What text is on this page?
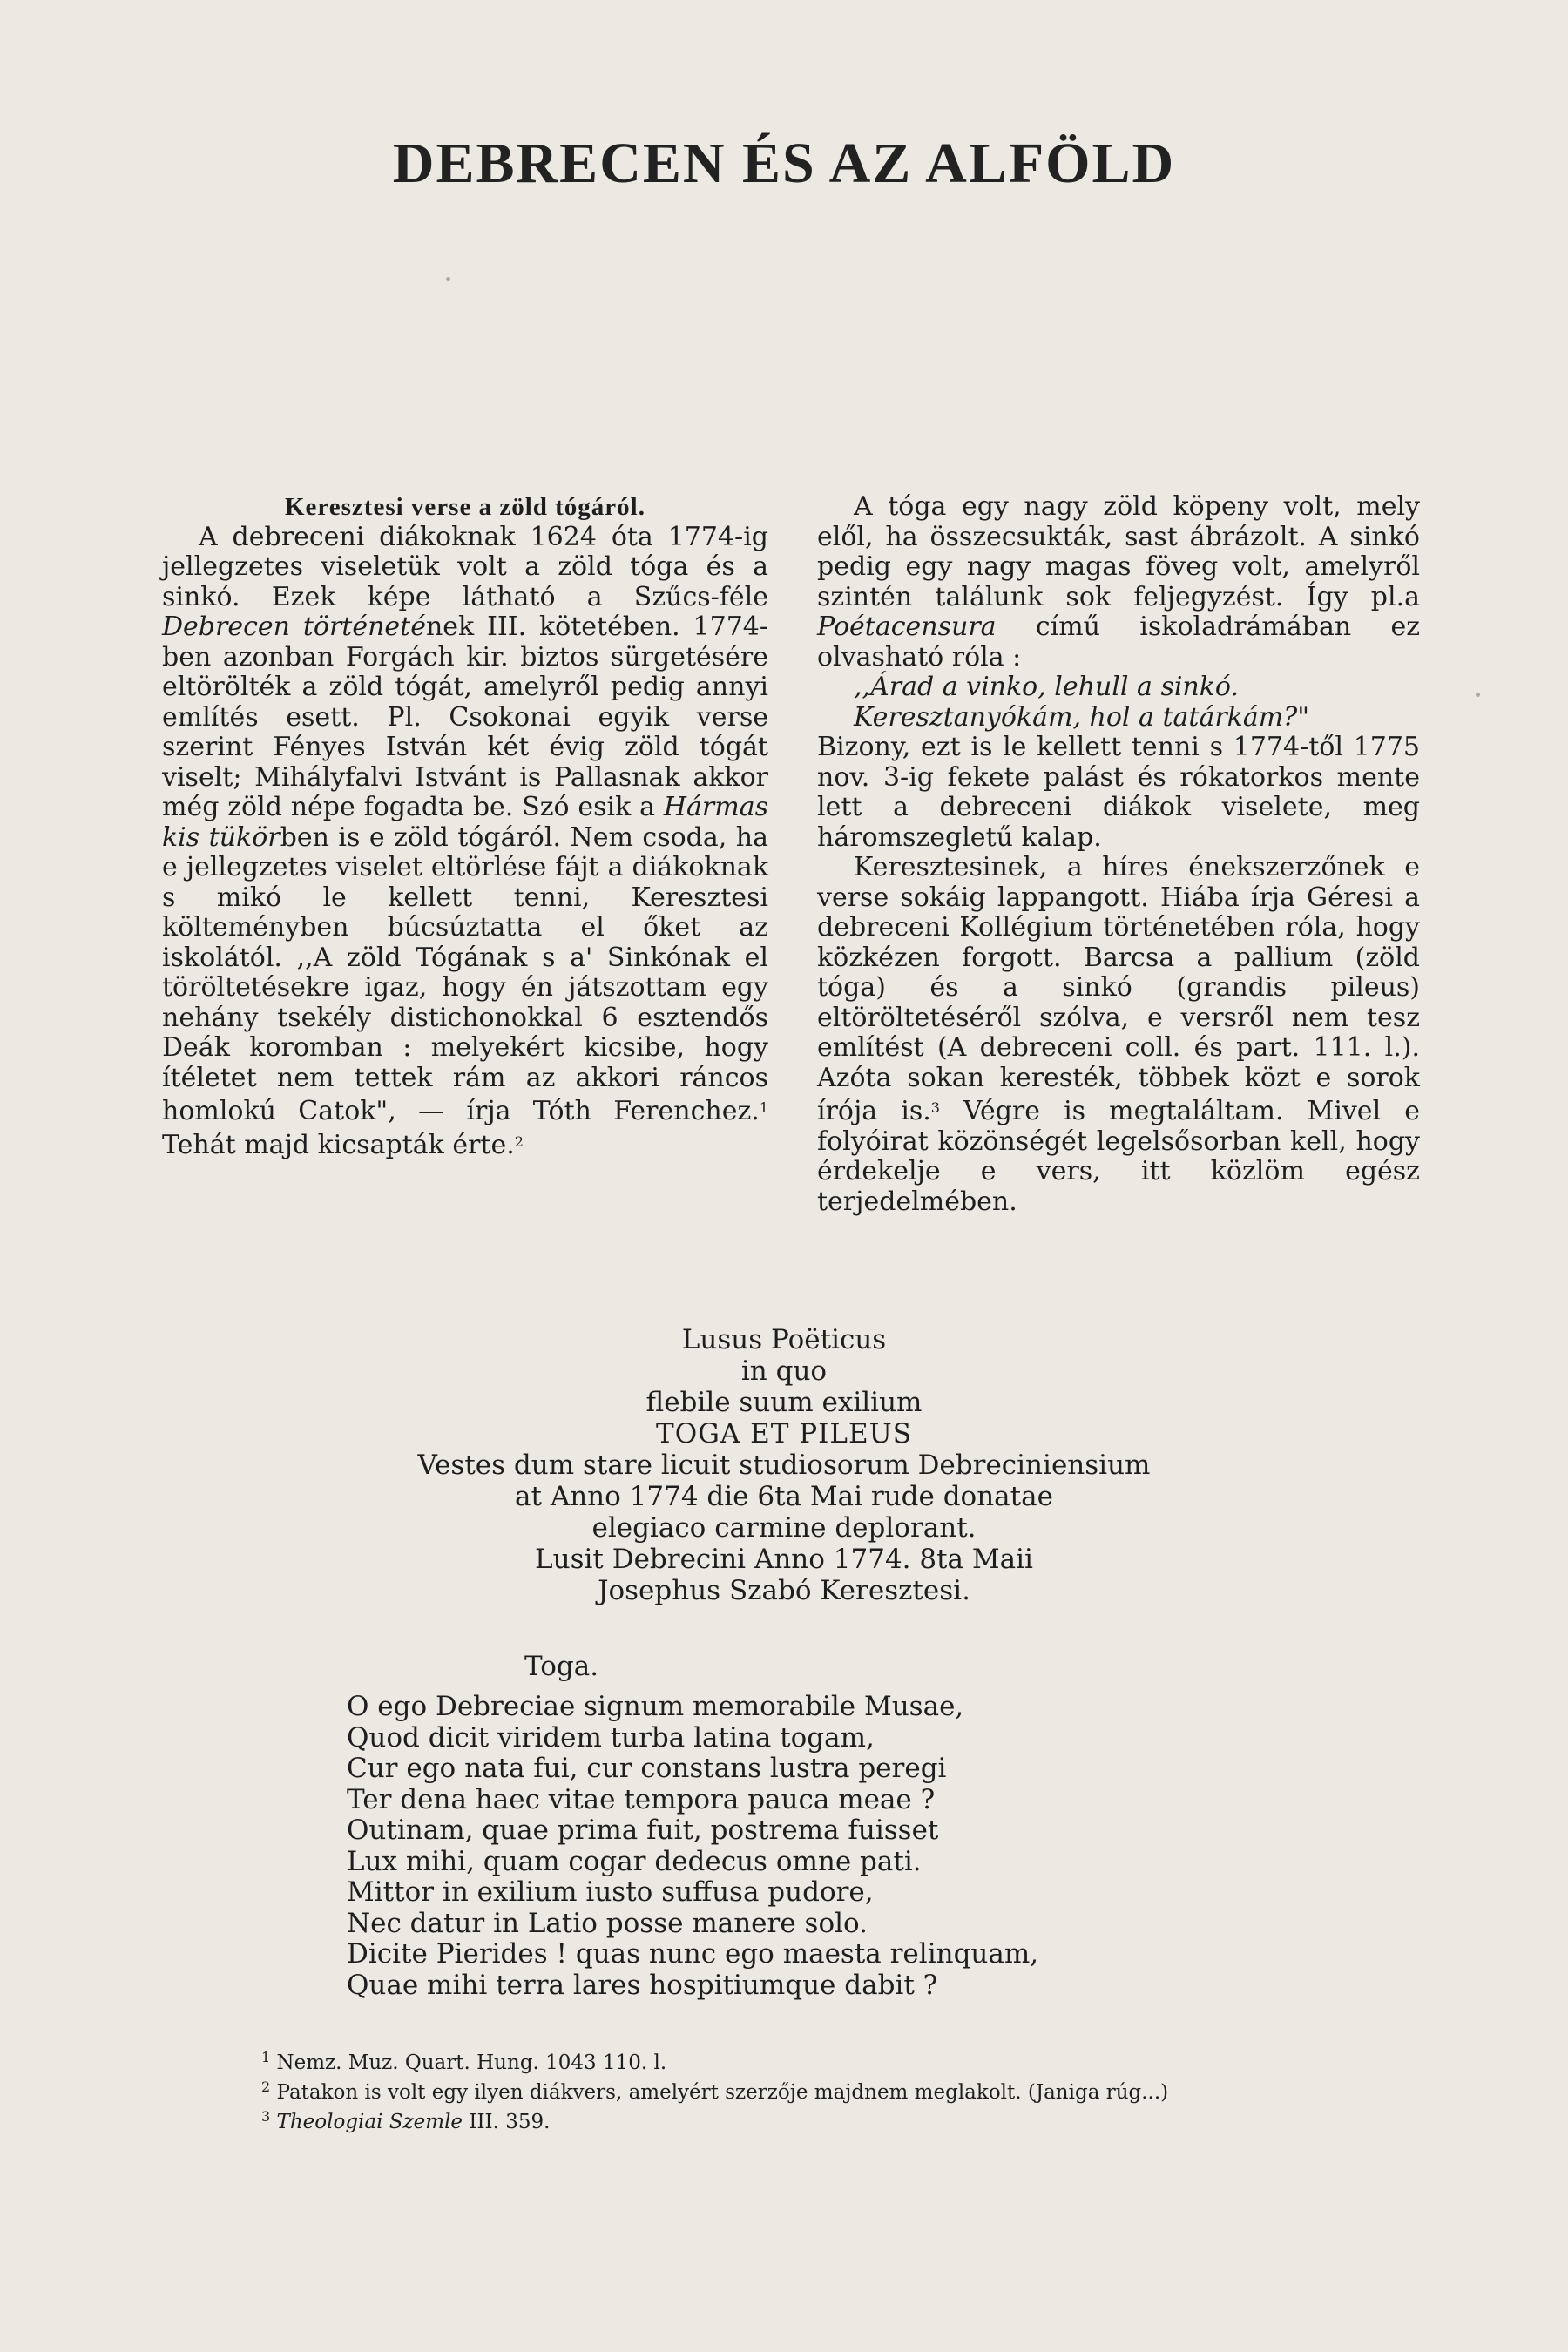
DEBRECEN ÉS AZ ALFÖLD

Keresztesi verse a zöld tógáról.

A debreceni diákoknak 1624 óta 1774-ig jellegzetes viseletük volt a zöld tóga és a sinkó. Ezek képe látható a Szűcs-féle Debrecen történetének III. kötetében. 1774-ben azonban Forgách kir. biztos sürgetésére eltörölték a zöld tógát, amelyről pedig annyi említés esett. Pl. Csokonai egyik verse szerint Fényes István két évig zöld tógát viselt; Mihályfalvi Istvánt is Pallasnak akkor még zöld népe fogadta be. Szó esik a Hármas kis tükörben is e zöld tógáról. Nem csoda, ha e jellegzetes viselet eltörlése fájt a diákoknak s mikó le kellett tenni, Keresztesi költeményben búcsúztatta el őket az iskolától. ,,A zöld Tógának s a' Sinkónak el töröltetésekre igaz, hogy én játszottam egy nehány tsekély distichonokkal 6 esztendős Deák koromban : melyekért kicsibe, hogy ítéletet nem tettek rám az akkori ráncos homlokú Catok", — írja Tóth Ferenchez.$^1$ Tehát majd kicsapták érte.$^2$

A tóga egy nagy zöld köpeny volt, mely elől, ha összecsukták, sast ábrázolt. A sinkó pedig egy nagy magas föveg volt, amelyről szintén találunk sok feljegyzést. Így pl.a Poétacensura című iskoladrámában ez olvasható róla :

,,Árad a vinko, lehull a sinkó.

Keresztanyókám, hol a tatárkám?"

Bizony, ezt is le kellett tenni s 1774-től 1775 nov. 3-ig fekete palást és rókatorkos mente lett a debreceni diákok viselete, meg háromszegletű kalap.

Keresztesinek, a híres énekszerzőnek e verse sokáig lappangott. Hiába írja Géresi a debreceni Kollégium történetében róla, hogy közkézen forgott. Barcsa a pallium (zöld tóga) és a sinkó (grandis pileus) eltöröltetéséről szólva, e versről nem tesz említést (A debreceni coll. és part. 111. l.). Azóta sokan keresték, többek közt e sorok írója is.$^3$ Végre is megtaláltam. Mivel e folyóirat közönségét legelsősorban kell, hogy érdekelje e vers, itt közlöm egész terjedelmében.

Lusus Poëticus
in quo
flebile suum exilium
TOGA ET PILEUS
Vestes dum stare licuit studiosorum Debreciniensium
at Anno 1774 die 6ta Mai rude donatae
elegiaco carmine deplorant.
Lusit Debrecini Anno 1774. 8ta Maii
Josephus Szabó Keresztesi.
Toga.
O ego Debreciae signum memorabile Musae,
Quod dicit viridem turba latina togam,
Cur ego nata fui, cur constans lustra peregi
Ter dena haec vitae tempora pauca meae ?
Outinam, quae prima fuit, postrema fuisset
Lux mihi, quam cogar dedecus omne pati.
Mittor in exilium iusto suffusa pudore,
Nec datur in Latio posse manere solo.
Dicite Pierides ! quas nunc ego maesta relinquam,
Quae mihi terra lares hospitiumque dabit ?
$^1$ Nemz. Muz. Quart. Hung. 1043 110. l.
$^2$ Patakon is volt egy ilyen diákvers, amelyért szerzője majdnem meglakolt. (Janiga rúg...)
$^3$ Theologiai Szemle III. 359.
